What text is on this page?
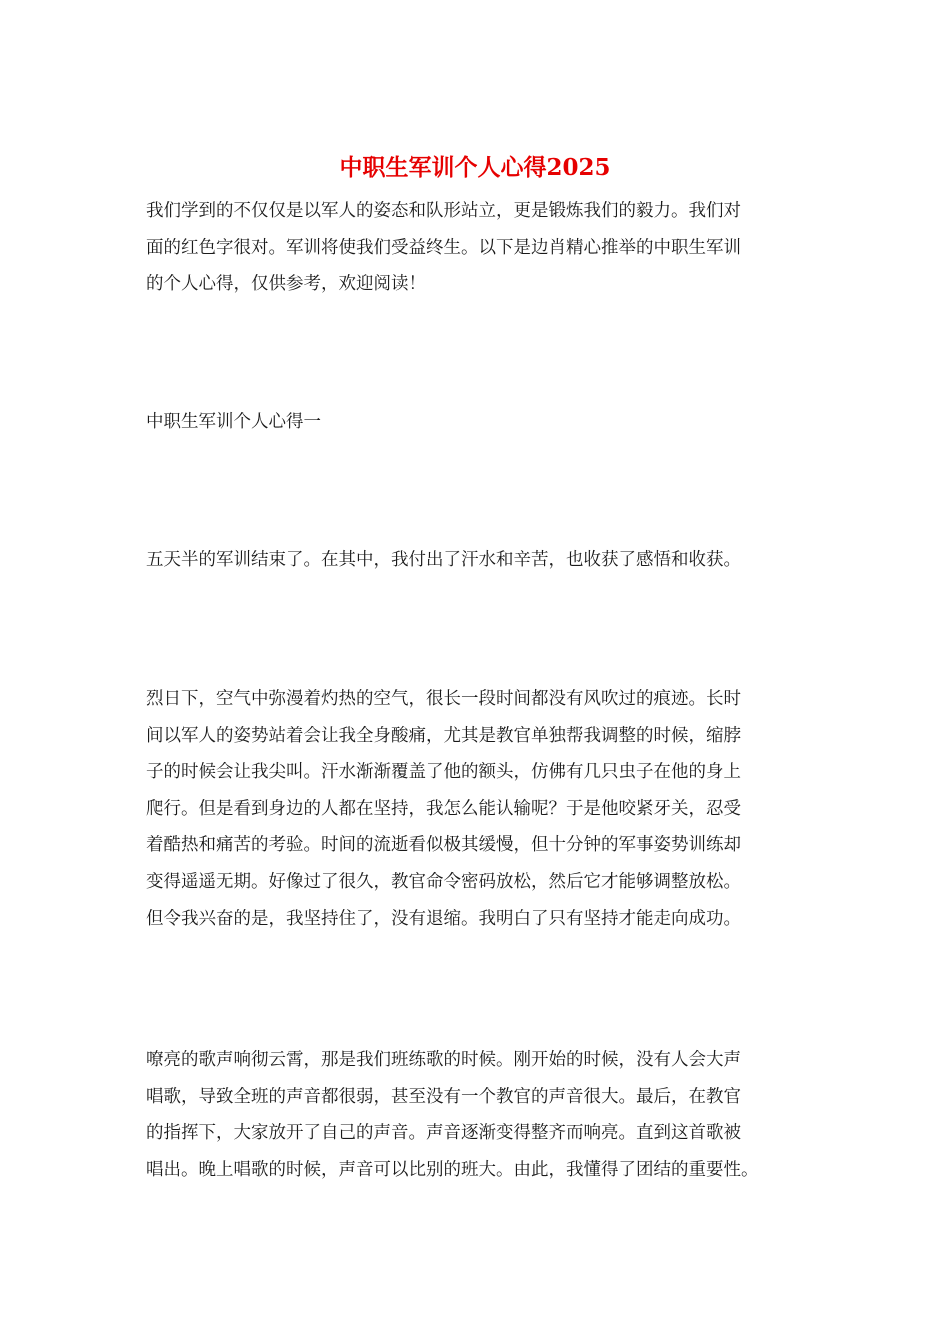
中职生军训个人心得2025

我们学到的不仅仅是以军人的姿态和队形站立，更是锻炼我们的毅力。我们对
面的红色字很对。军训将使我们受益终生。以下是边肖精心推举的中职生军训
的个人心得，仅供参考，欢迎阅读！

中职生军训个人心得一

五天半的军训结束了。在其中，我付出了汗水和辛苦，也收获了感悟和收获。

烈日下，空气中弥漫着灼热的空气，很长一段时间都没有风吹过的痕迹。长时
间以军人的姿势站着会让我全身酸痛，尤其是教官单独帮我调整的时候，缩脖
子的时候会让我尖叫。汗水渐渐覆盖了他的额头，仿佛有几只虫子在他的身上
爬行。但是看到身边的人都在坚持，我怎么能认输呢？于是他咬紧牙关，忍受
着酷热和痛苦的考验。时间的流逝看似极其缓慢，但十分钟的军事姿势训练却
变得遥遥无期。好像过了很久，教官命令密码放松，然后它才能够调整放松。
但令我兴奋的是，我坚持住了，没有退缩。我明白了只有坚持才能走向成功。

嘹亮的歌声响彻云霄，那是我们班练歌的时候。刚开始的时候，没有人会大声
唱歌，导致全班的声音都很弱，甚至没有一个教官的声音很大。最后，在教官
的指挥下，大家放开了自己的声音。声音逐渐变得整齐而响亮。直到这首歌被
唱出。晚上唱歌的时候，声音可以比别的班大。由此，我懂得了团结的重要性。
